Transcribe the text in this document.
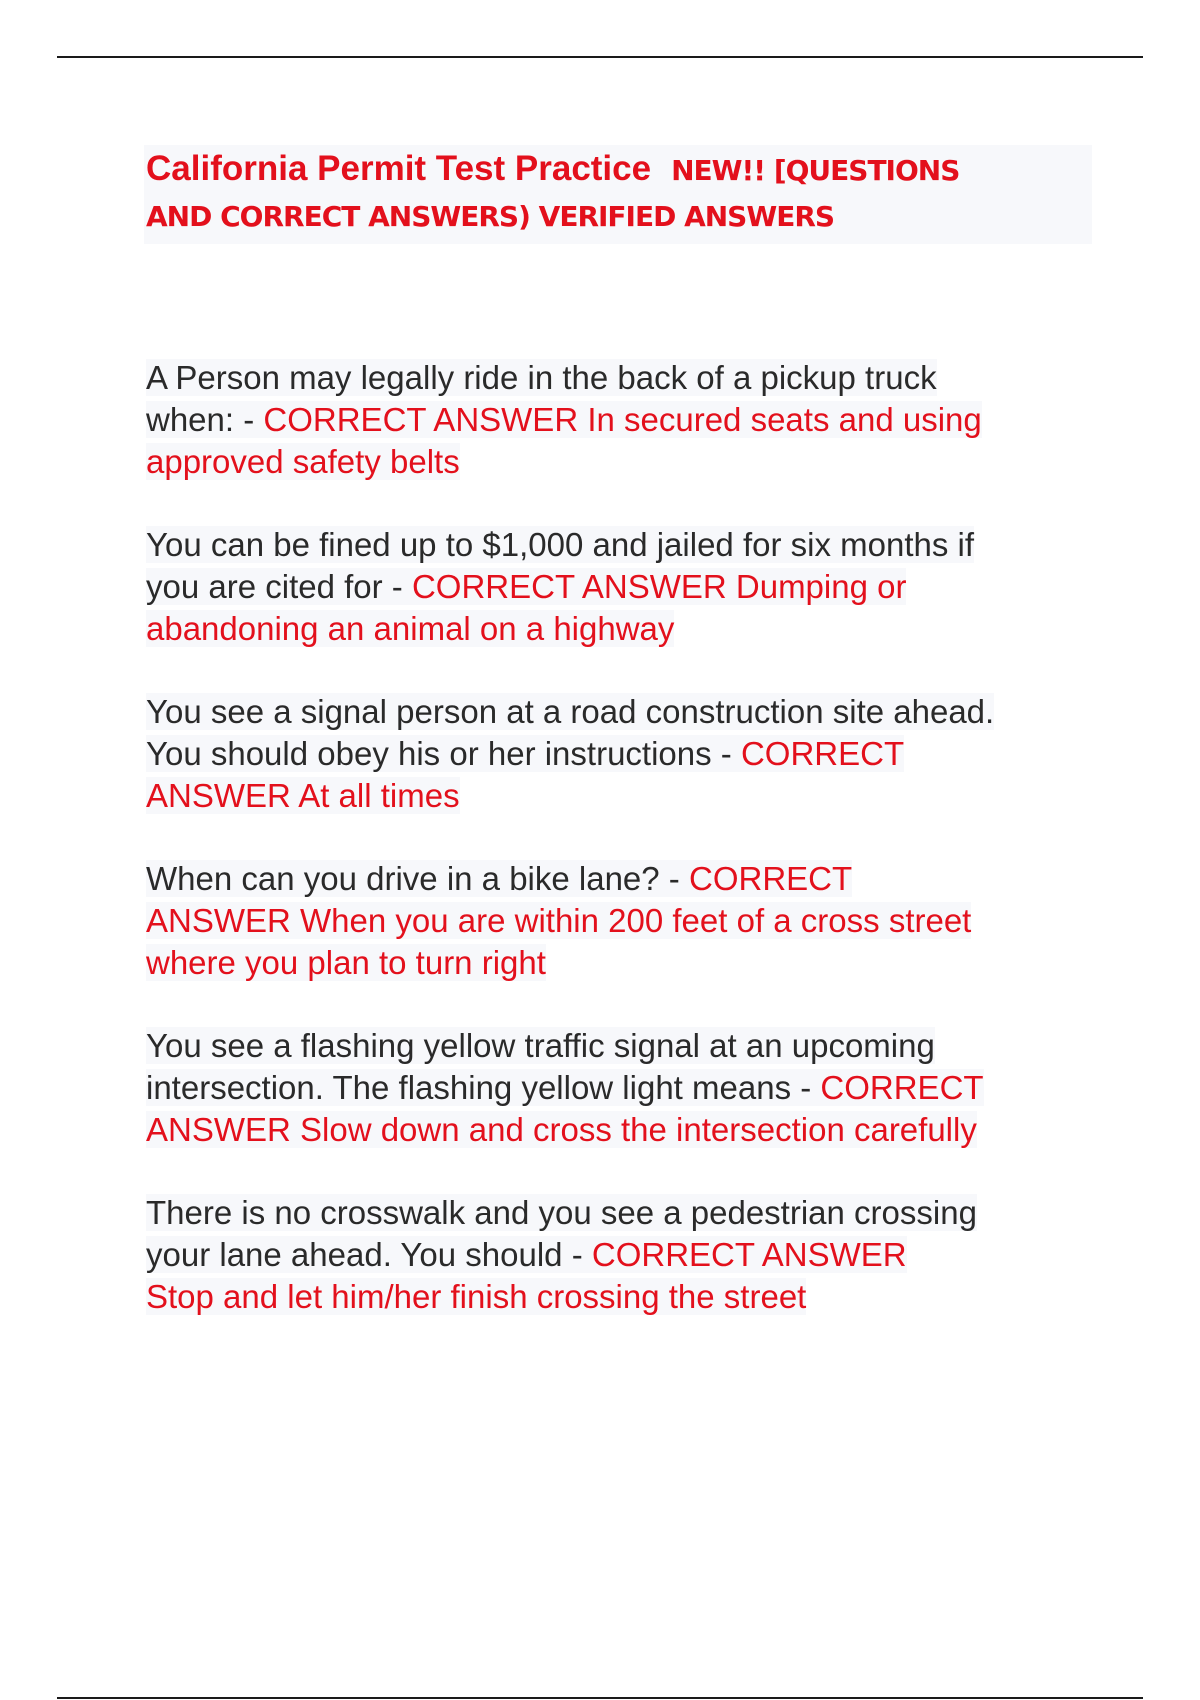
California Permit Test Practice NEW!! [QUESTIONS
AND CORRECT ANSWERS) VERIFIED ANSWERS
A Person may legally ride in the back of a pickup truck
when: - CORRECT ANSWER In secured seats and using
approved safety belts
You can be fined up to $1,000 and jailed for six months if
you are cited for - CORRECT ANSWER Dumping or
abandoning an animal on a highway
You see a signal person at a road construction site ahead.
You should obey his or her instructions - CORRECT
ANSWER At all times
When can you drive in a bike lane? - CORRECT
ANSWER When you are within 200 feet of a cross street
where you plan to turn right
You see a flashing yellow traffic signal at an upcoming
intersection. The flashing yellow light means - CORRECT
ANSWER Slow down and cross the intersection carefully
There is no crosswalk and you see a pedestrian crossing
your lane ahead. You should - CORRECT ANSWER
Stop and let him/her finish crossing the street
